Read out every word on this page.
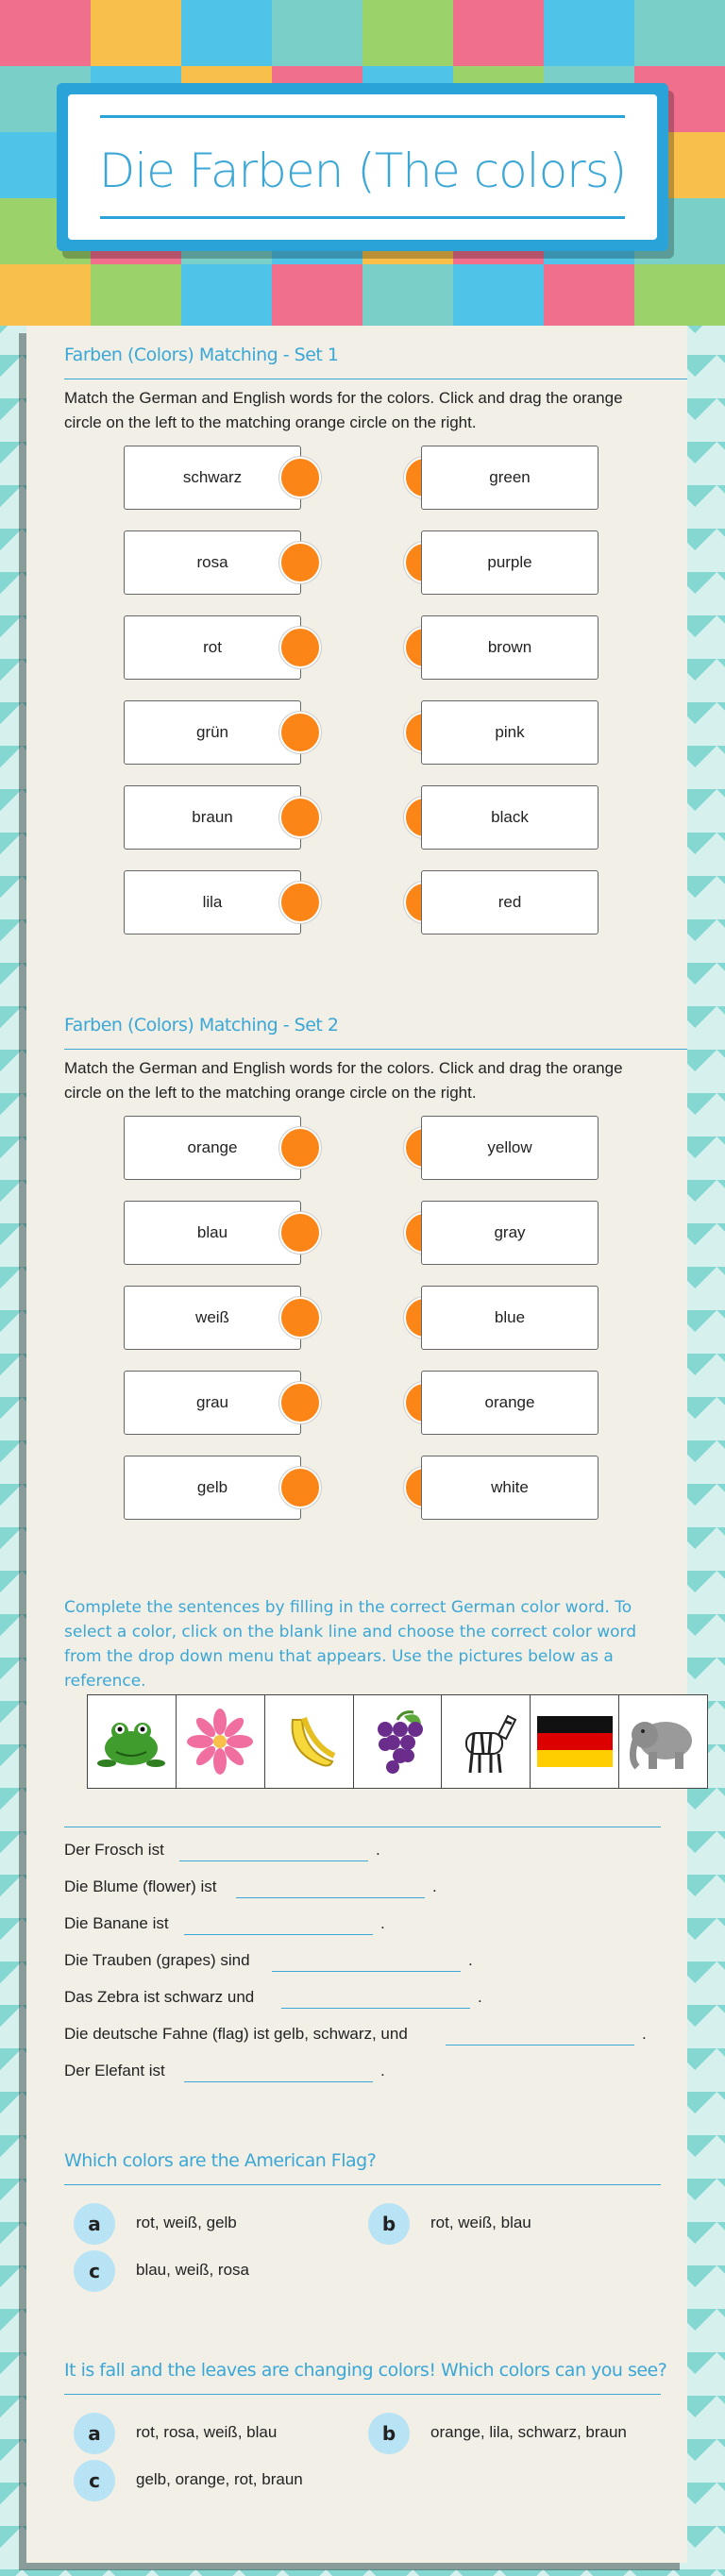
Die Farben (The colors)
Farben (Colors) Matching - Set 1
Match the German and English words for the colors. Click and drag the orange circle on the left to the matching orange circle on the right.
Farben (Colors) Matching - Set 2
Match the German and English words for the colors. Click and drag the orange circle on the left to the matching orange circle on the right.
Complete the sentences by filling in the correct German color word. To select a color, click on the blank line and choose the correct color word from the drop down menu that appears. Use the pictures below as a reference.
schwarz	green
rosa	purple
rot	brown
grün	pink
braun	black
lila	red
orange	yellow
blau	gray
weiß	blue
grau	orange
gelb	white
Der Frosch ist	.
Die Blume (flower) ist	.
Die Banane ist	.
Die Trauben (grapes) sind	.
Das Zebra ist schwarz und	.
Die deutsche Fahne (flag) ist gelb, schwarz, und	.
Der Elefant ist	.
Which colors are the American Flag?
a	rot, weiß, gelb	b	rot, weiß, blau
c	blau, weiß, rosa
It is fall and the leaves are changing colors! Which colors can you see?
a	rot, rosa, weiß, blau	b	orange, lila, schwarz, braun
c	gelb, orange, rot, braun
